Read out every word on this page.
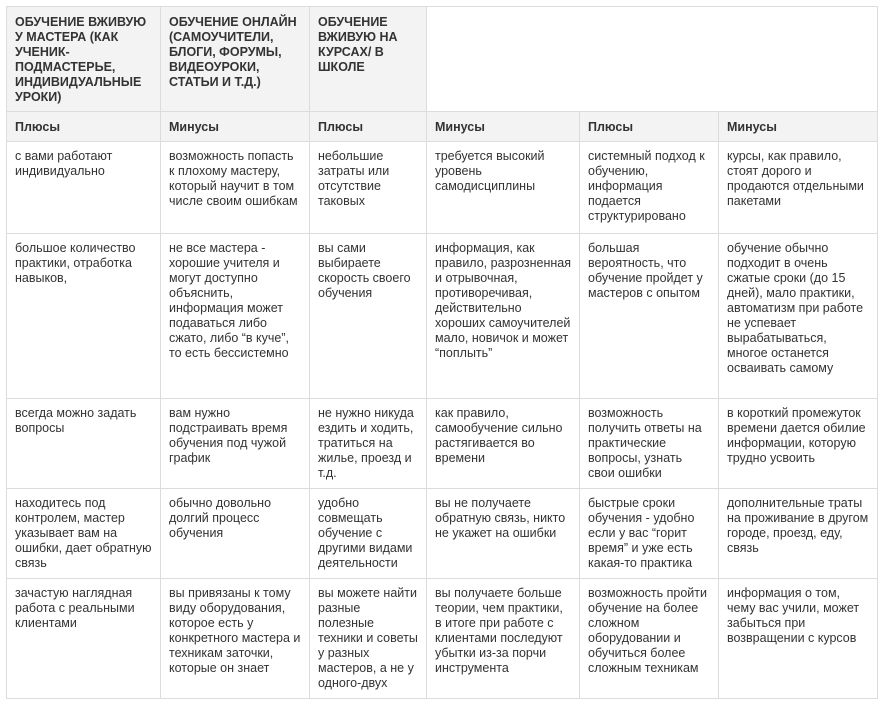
ОБУЧЕНИЕ ВЖИВУЮ У МАСТЕРА (КАК УЧЕНИК-ПОДМАСТЕРЬЕ, ИНДИВИДУАЛЬНЫЕ УРОКИ)	ОБУЧЕНИЕ ОНЛАЙН (САМОУЧИТЕЛИ, БЛОГИ, ФОРУМЫ, ВИДЕОУРОКИ, СТАТЬИ И Т.Д.)	ОБУЧЕНИЕ ВЖИВУЮ НА КУРСАХ/ В ШКОЛЕ			
Плюсы	Минусы	Плюсы	Минусы	Плюсы	Минусы
с вами работают индивидуально	возможность попасть к плохому мастеру, который научит в том числе своим ошибкам	небольшие затраты или отсутствие таковых	требуется высокий уровень самодисциплины	системный подход к обучению, информация подается структурировано	курсы, как правило, стоят дорого и продаются отдельными пакетами
большое количество практики, отработка навыков,	не все мастера - хорошие учителя и могут доступно объяснить, информация может подаваться либо сжато, либо “в куче”, то есть бессистемно	вы сами выбираете скорость своего обучения	информация, как правило, разрозненная и отрывочная, противоречивая, действительно хороших самоучителей мало, новичок и может “поплыть”	большая вероятность, что обучение пройдет у мастеров с опытом	обучение обычно подходит в очень сжатые сроки (до 15 дней), мало практики, автоматизм при работе не успевает вырабатываться, многое останется осваивать самому
всегда можно задать вопросы	вам нужно подстраивать время обучения под чужой график	не нужно никуда ездить и ходить, тратиться на жилье, проезд и т.д.	как правило, самообучение сильно растягивается во времени	возможность получить ответы на практические вопросы, узнать свои ошибки	в короткий промежуток времени дается обилие информации, которую трудно усвоить
находитесь под контролем, мастер указывает вам на ошибки, дает обратную связь	обычно довольно долгий процесс обучения	удобно совмещать обучение с другими видами деятельности	вы не получаете обратную связь, никто не укажет на ошибки	быстрые сроки обучения - удобно если у вас “горит время” и уже есть какая-то практика	дополнительные траты на проживание в другом городе, проезд, еду, связь
зачастую наглядная работа с реальными клиентами	вы привязаны к тому виду оборудования, которое есть у конкретного мастера и техникам заточки, которые он знает	вы можете найти разные полезные техники и советы у разных мастеров, а не у одного-двух	вы получаете больше теории, чем практики, в итоге при работе с клиентами последуют убытки из-за порчи инструмента	возможность пройти обучение на более сложном оборудовании и обучиться более сложным техникам	информация о том, чему вас учили, может забыться при возвращении с курсов
